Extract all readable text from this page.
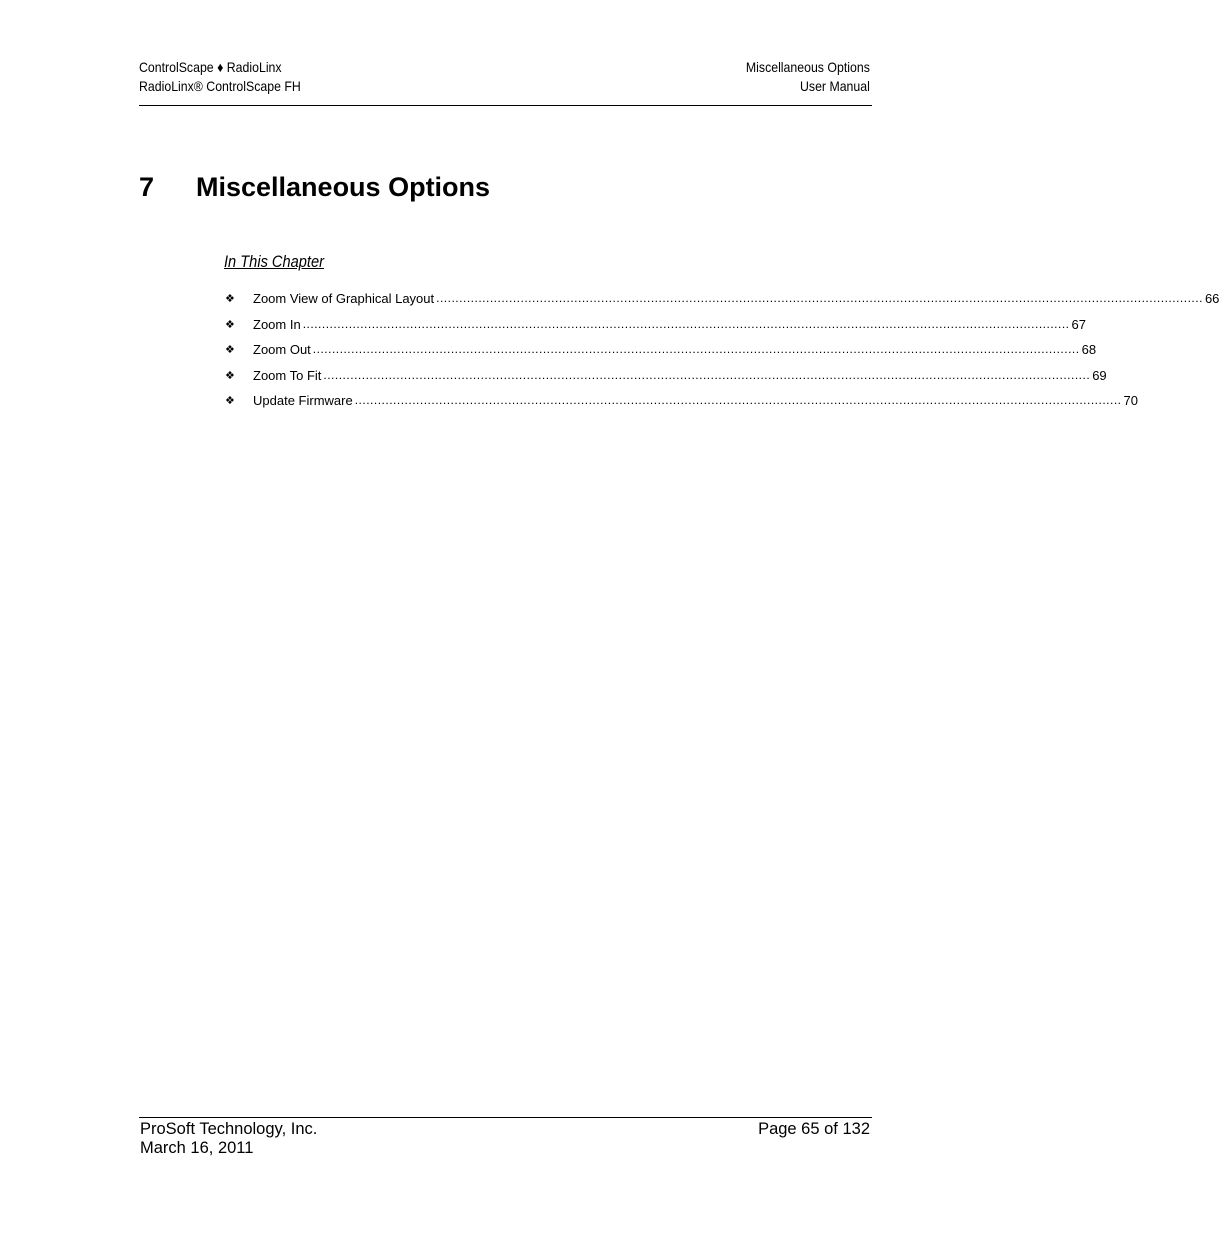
ControlScape ♦ RadioLinx
RadioLinx® ControlScape FH
Miscellaneous Options
User Manual
7 Miscellaneous Options
In This Chapter
❖	Zoom View of Graphical Layout ........................................................................................................................................................................................................ 66
❖	Zoom In ........................................................................................................................................................................................................ 67
❖	Zoom Out ........................................................................................................................................................................................................ 68
❖	Zoom To Fit ........................................................................................................................................................................................................ 69
❖	Update Firmware ........................................................................................................................................................................................................ 70
ProSoft Technology, Inc.
March 16, 2011
Page 65 of 132
